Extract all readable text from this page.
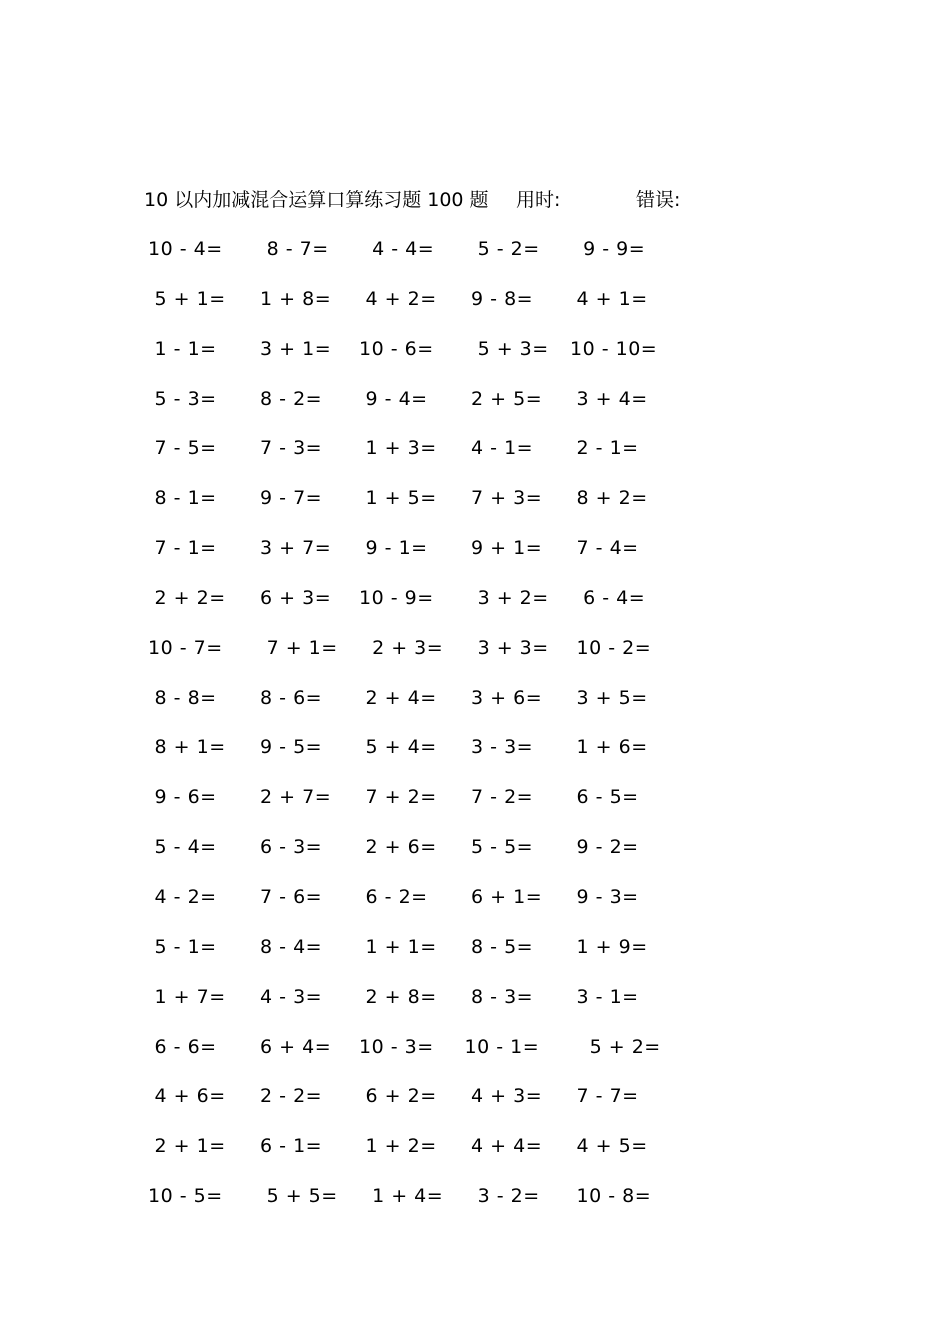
10 以内加减混合运算口算练习题 100 题 用时:	错误:
10 - 4=	8 - 7=	4 - 4=	5 - 2=	9 - 9=
5 + 1=	1 + 8=	4 + 2=	9 - 8=	4 + 1=
1 - 1=	3 + 1=	10 - 6=	5 + 3=	10 - 10=
5 - 3=	8 - 2=	9 - 4=	2 + 5=	3 + 4=
7 - 5=	7 - 3=	1 + 3=	4 - 1=	2 - 1=
8 - 1=	9 - 7=	1 + 5=	7 + 3=	8 + 2=
7 - 1=	3 + 7=	9 - 1=	9 + 1=	7 - 4=
2 + 2=	6 + 3=	10 - 9=	3 + 2=	6 - 4=
10 - 7=	7 + 1=	2 + 3=	3 + 3=	10 - 2=
8 - 8=	8 - 6=	2 + 4=	3 + 6=	3 + 5=
8 + 1=	9 - 5=	5 + 4=	3 - 3=	1 + 6=
9 - 6=	2 + 7=	7 + 2=	7 - 2=	6 - 5=
5 - 4=	6 - 3=	2 + 6=	5 - 5=	9 - 2=
4 - 2=	7 - 6=	6 - 2=	6 + 1=	9 - 3=
5 - 1=	8 - 4=	1 + 1=	8 - 5=	1 + 9=
1 + 7=	4 - 3=	2 + 8=	8 - 3=	3 - 1=
6 - 6=	6 + 4=	10 - 3=	10 - 1=	5 + 2=
4 + 6=	2 - 2=	6 + 2=	4 + 3=	7 - 7=
2 + 1=	6 - 1=	1 + 2=	4 + 4=	4 + 5=
10 - 5=	5 + 5=	1 + 4=	3 - 2=	10 - 8=
